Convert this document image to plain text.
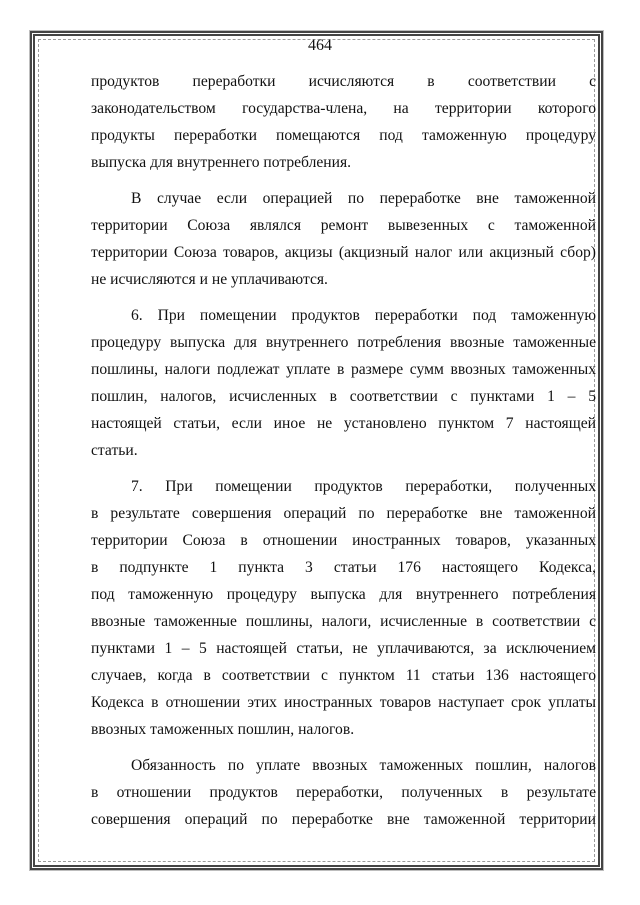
464
продуктов переработки исчисляются в соответствии с
законодательством государства-члена, на территории которого
продукты переработки помещаются под таможенную процедуру
выпуска для внутреннего потребления.
В случае если операцией по переработке вне таможенной
территории Союза являлся ремонт вывезенных с таможенной
территории Союза товаров, акцизы (акцизный налог или акцизный сбор)
не исчисляются и не уплачиваются.
6. При помещении продуктов переработки под таможенную
процедуру выпуска для внутреннего потребления ввозные таможенные
пошлины, налоги подлежат уплате в размере сумм ввозных таможенных
пошлин, налогов, исчисленных в соответствии с пунктами 1 – 5
настоящей статьи, если иное не установлено пунктом 7 настоящей
статьи.
7. При помещении продуктов переработки, полученных
в результате совершения операций по переработке вне таможенной
территории Союза в отношении иностранных товаров, указанных
в подпункте 1 пункта 3 статьи 176 настоящего Кодекса,
под таможенную процедуру выпуска для внутреннего потребления
ввозные таможенные пошлины, налоги, исчисленные в соответствии с
пунктами 1 – 5 настоящей статьи, не уплачиваются, за исключением
случаев, когда в соответствии с пунктом 11 статьи 136 настоящего
Кодекса в отношении этих иностранных товаров наступает срок уплаты
ввозных таможенных пошлин, налогов.
Обязанность по уплате ввозных таможенных пошлин, налогов
в отношении продуктов переработки, полученных в результате
совершения операций по переработке вне таможенной территории
